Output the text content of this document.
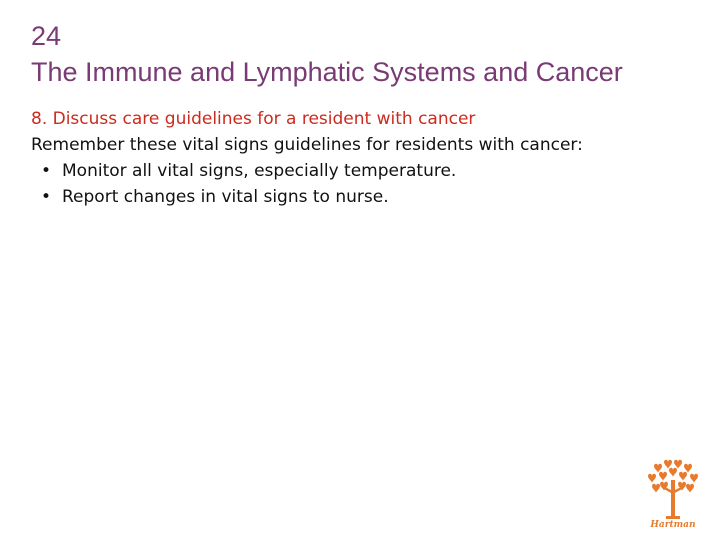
24
The Immune and Lymphatic Systems and Cancer
8. Discuss care guidelines for a resident with cancer
Remember these vital signs guidelines for residents with cancer:
• Monitor all vital signs, especially temperature.
• Report changes in vital signs to nurse.
Hartman
